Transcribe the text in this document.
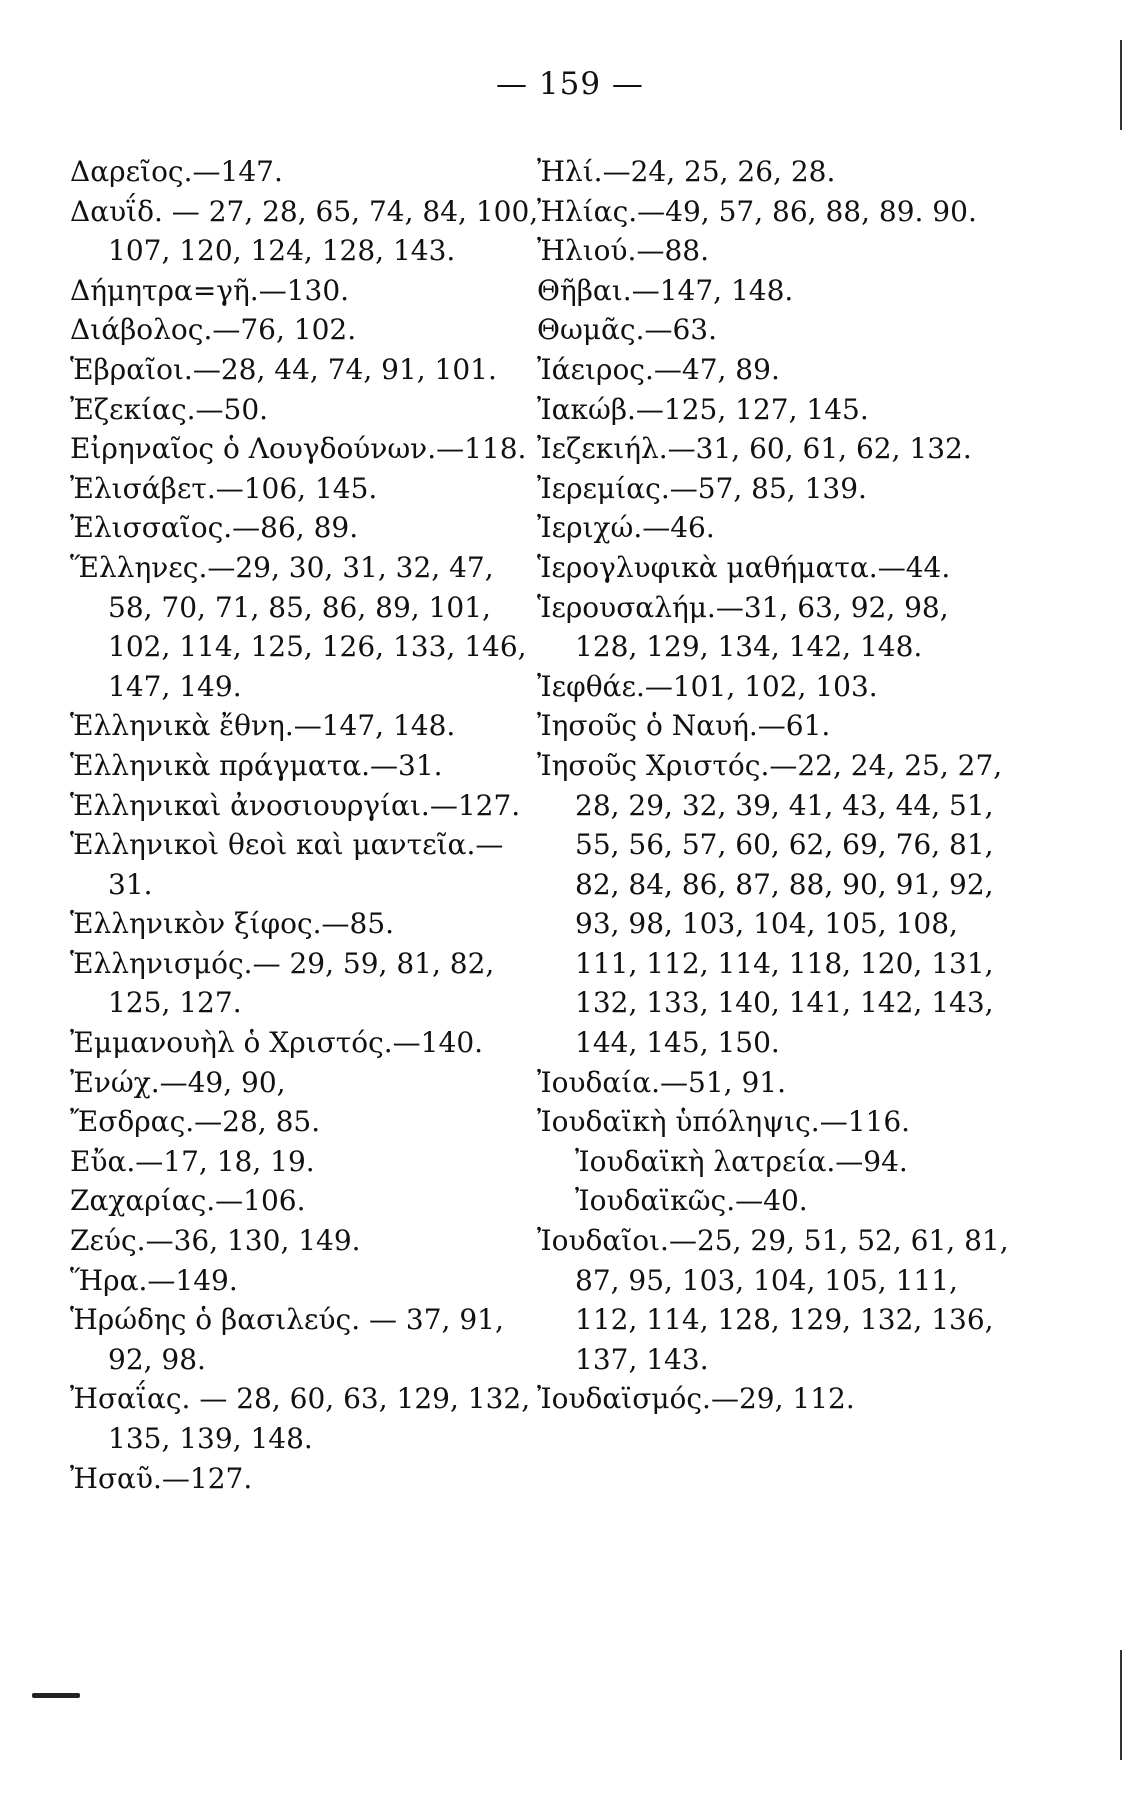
— 159 —
Δαρεῖος.—147.
Δαυΐδ. — 27, 28, 65, 74, 84, 100, 107, 120, 124, 128, 143.
Δήμητρα=γῆ.—130.
Διάβολος.—76, 102.
Ἑβραῖοι.—28, 44, 74, 91, 101.
Ἐζεκίας.—50.
Εἰρηναῖος ὁ Λουγδούνων.—118.
Ἐλισάβετ.—106, 145.
Ἐλισσαῖος.—86, 89.
Ἕλληνες.—29, 30, 31, 32, 47, 58, 70, 71, 85, 86, 89, 101, 102, 114, 125, 126, 133, 146, 147, 149.
Ἑλληνικὰ ἔθνη.—147, 148.
Ἑλληνικὰ πράγματα.—31.
Ἑλληνικαὶ ἀνοσιουργίαι.—127.
Ἑλληνικοὶ θεοὶ καὶ μαντεῖα.—31.
Ἑλληνικὸν ξίφος.—85.
Ἑλληνισμός.— 29, 59, 81, 82, 125, 127.
Ἐμμανουὴλ ὁ Χριστός.—140.
Ἐνώχ.—49, 90,
Ἔσδρας.—28, 85.
Εὔα.—17, 18, 19.
Ζαχαρίας.—106.
Ζεύς.—36, 130, 149.
Ἥρα.—149.
Ἡρώδης ὁ βασιλεύς. — 37, 91, 92, 98.
Ἠσαΐας. — 28, 60, 63, 129, 132, 135, 139, 148.
Ἠσαῦ.—127.
Ἠλί.—24, 25, 26, 28.
Ἠλίας.—49, 57, 86, 88, 89. 90.
Ἠλιού.—88.
Θῆβαι.—147, 148.
Θωμᾶς.—63.
Ἰάειρος.—47, 89.
Ἰακώβ.—125, 127, 145.
Ἰεζεκιήλ.—31, 60, 61, 62, 132.
Ἰερεμίας.—57, 85, 139.
Ἰεριχώ.—46.
Ἱερογλυφικὰ μαθήματα.—44.
Ἱερουσαλήμ.—31, 63, 92, 98, 128, 129, 134, 142, 148.
Ἰεφθάε.—101, 102, 103.
Ἰησοῦς ὁ Ναυή.—61.
Ἰησοῦς Χριστός.—22, 24, 25, 27, 28, 29, 32, 39, 41, 43, 44, 51, 55, 56, 57, 60, 62, 69, 76, 81, 82, 84, 86, 87, 88, 90, 91, 92, 93, 98, 103, 104, 105, 108, 111, 112, 114, 118, 120, 131, 132, 133, 140, 141, 142, 143, 144, 145, 150.
Ἰουδαία.—51, 91.
Ἰουδαϊκὴ ὑπόληψις.—116. Ἰουδαϊκὴ λατρεία.—94. Ἰουδαϊκῶς.—40.
Ἰουδαῖοι.—25, 29, 51, 52, 61, 81, 87, 95, 103, 104, 105, 111, 112, 114, 128, 129, 132, 136, 137, 143.
Ἰουδαϊσμός.—29, 112.
